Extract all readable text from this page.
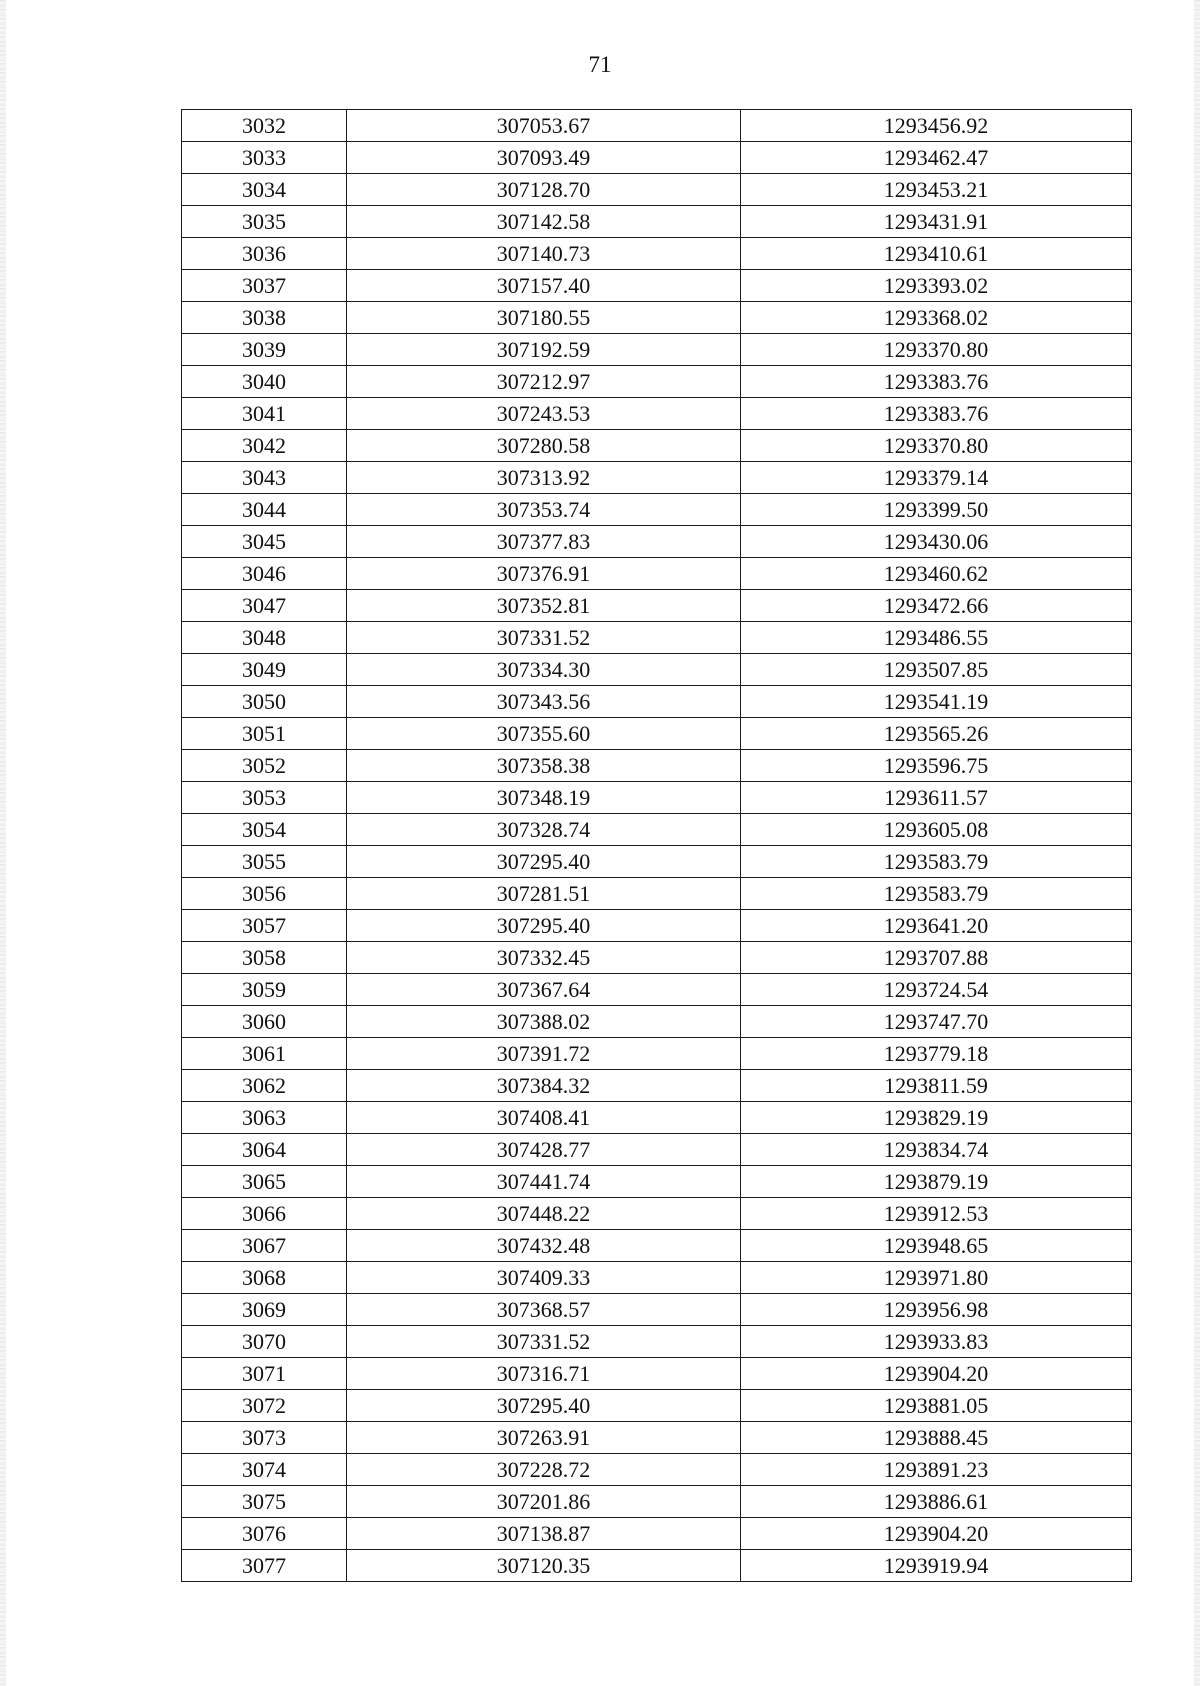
71
3032	307053.67	1293456.92
3033	307093.49	1293462.47
3034	307128.70	1293453.21
3035	307142.58	1293431.91
3036	307140.73	1293410.61
3037	307157.40	1293393.02
3038	307180.55	1293368.02
3039	307192.59	1293370.80
3040	307212.97	1293383.76
3041	307243.53	1293383.76
3042	307280.58	1293370.80
3043	307313.92	1293379.14
3044	307353.74	1293399.50
3045	307377.83	1293430.06
3046	307376.91	1293460.62
3047	307352.81	1293472.66
3048	307331.52	1293486.55
3049	307334.30	1293507.85
3050	307343.56	1293541.19
3051	307355.60	1293565.26
3052	307358.38	1293596.75
3053	307348.19	1293611.57
3054	307328.74	1293605.08
3055	307295.40	1293583.79
3056	307281.51	1293583.79
3057	307295.40	1293641.20
3058	307332.45	1293707.88
3059	307367.64	1293724.54
3060	307388.02	1293747.70
3061	307391.72	1293779.18
3062	307384.32	1293811.59
3063	307408.41	1293829.19
3064	307428.77	1293834.74
3065	307441.74	1293879.19
3066	307448.22	1293912.53
3067	307432.48	1293948.65
3068	307409.33	1293971.80
3069	307368.57	1293956.98
3070	307331.52	1293933.83
3071	307316.71	1293904.20
3072	307295.40	1293881.05
3073	307263.91	1293888.45
3074	307228.72	1293891.23
3075	307201.86	1293886.61
3076	307138.87	1293904.20
3077	307120.35	1293919.94
